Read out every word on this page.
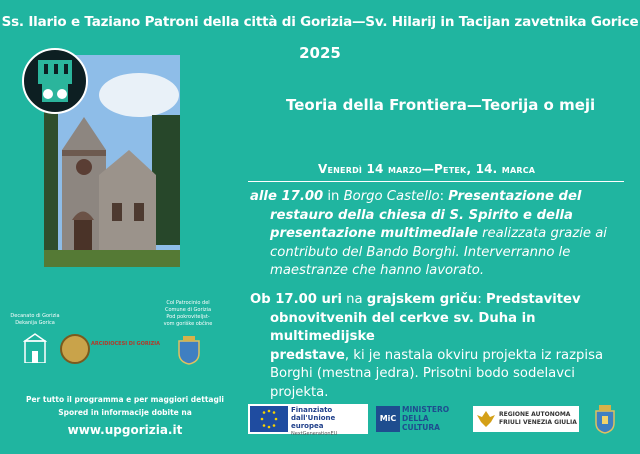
Ss. Ilario e Taziano Patroni della città di Gorizia—Sv. Hilarij in Tacijan zavetnika Gorice
2025
Teoria della Frontiera—Teorija o meji
Venerdì 14 marzo—Petek, 14. marca
alle 17.00 in Borgo Castello: Presentazione del
restauro della chiesa di S. Spirito e della
presentazione multimediale realizzata grazie ai
contributo del Bando Borghi. Interverranno le
maestranze che hanno lavorato.
Ob 17.00 uri na grajskem griču: Predstavitev
obnovitvenih del cerkve sv. Duha in multimedijske
predstave, ki je nastala okviru projekta iz razpisa
Borghi (mestna jedra). Prisotni bodo sodelavci
projekta.
Decanato di Gorizia
Dekanija Gorica
Col Patrocinio del
Comune di Gorizia
Pod pokroviteljst-
vom goriške občine
ARCIDIOCESI DI GORIZIA
Per tutto il programma e per maggiori dettagli
Spored in informacije dobite na
www.upgorizia.it
Finanziato
dall'Unione europea
NextGenerationEU
MiC
MINISTERO
DELLA
CULTURA
REGIONE AUTONOMA
FRIULI VENEZIA GIULIA
